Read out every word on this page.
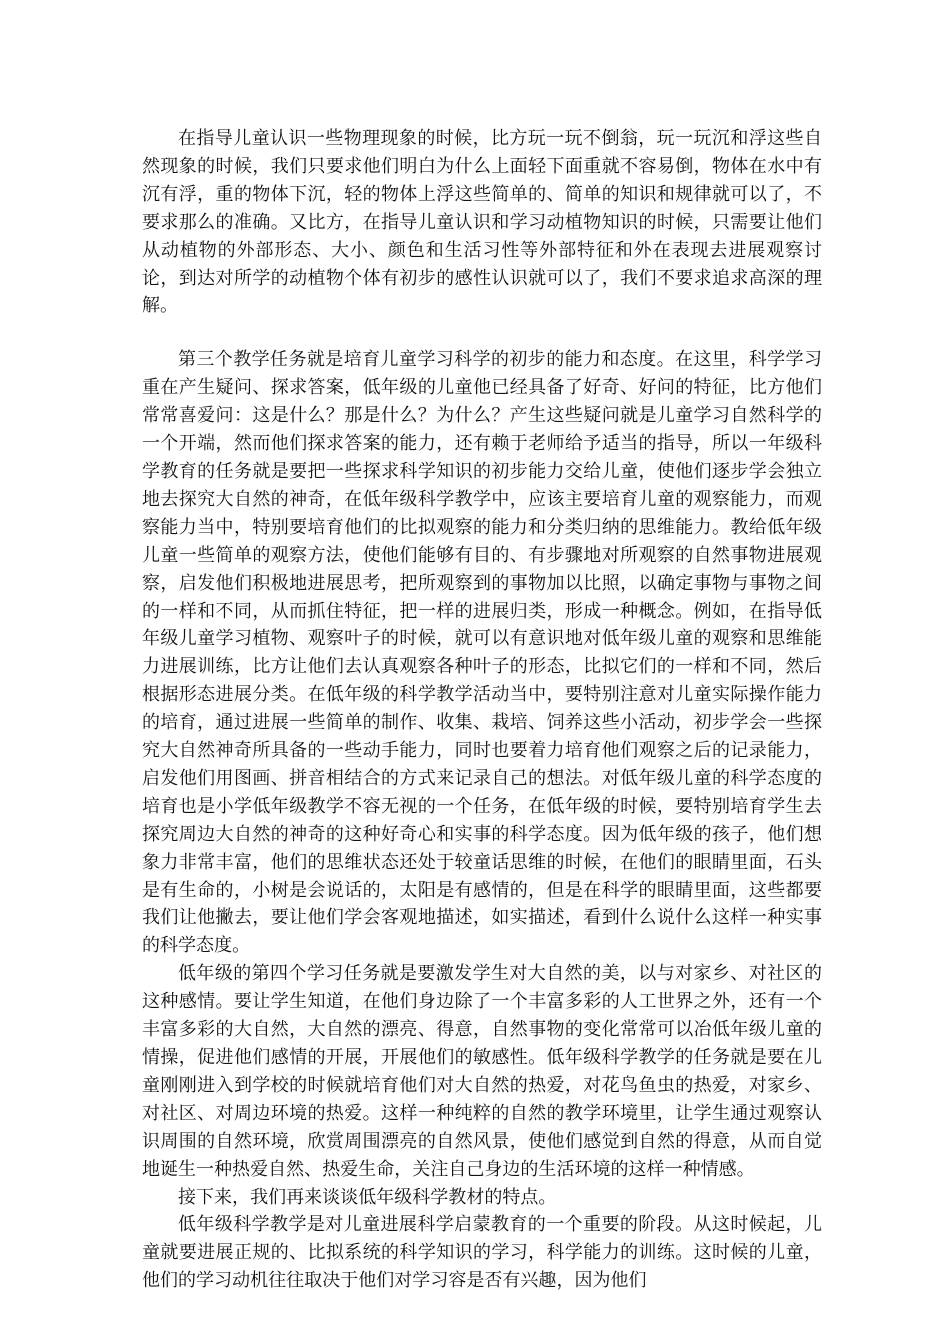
在指导儿童认识一些物理现象的时候，比方玩一玩不倒翁，玩一玩沉和浮这些自然现象的时候，我们只要求他们明白为什么上面轻下面重就不容易倒，物体在水中有沉有浮，重的物体下沉，轻的物体上浮这些简单的、简单的知识和规律就可以了，不要求那么的准确。又比方，在指导儿童认识和学习动植物知识的时候，只需要让他们从动植物的外部形态、大小、颜色和生活习性等外部特征和外在表现去进展观察讨论，到达对所学的动植物个体有初步的感性认识就可以了，我们不要求追求高深的理解。

第三个教学任务就是培育儿童学习科学的初步的能力和态度。在这里，科学学习重在产生疑问、探求答案，低年级的儿童他已经具备了好奇、好问的特征，比方他们常常喜爱问：这是什么？那是什么？为什么？产生这些疑问就是儿童学习自然科学的一个开端，然而他们探求答案的能力，还有赖于老师给予适当的指导，所以一年级科学教育的任务就是要把一些探求科学知识的初步能力交给儿童，使他们逐步学会独立地去探究大自然的神奇，在低年级科学教学中，应该主要培育儿童的观察能力，而观察能力当中，特别要培育他们的比拟观察的能力和分类归纳的思维能力。教给低年级儿童一些简单的观察方法，使他们能够有目的、有步骤地对所观察的自然事物进展观察，启发他们积极地进展思考，把所观察到的事物加以比照，以确定事物与事物之间的一样和不同，从而抓住特征，把一样的进展归类，形成一种概念。例如，在指导低年级儿童学习植物、观察叶子的时候，就可以有意识地对低年级儿童的观察和思维能力进展训练，比方让他们去认真观察各种叶子的形态，比拟它们的一样和不同，然后根据形态进展分类。在低年级的科学教学活动当中，要特别注意对儿童实际操作能力的培育，通过进展一些简单的制作、收集、栽培、饲养这些小活动，初步学会一些探究大自然神奇所具备的一些动手能力，同时也要着力培育他们观察之后的记录能力，启发他们用图画、拼音相结合的方式来记录自己的想法。对低年级儿童的科学态度的培育也是小学低年级教学不容无视的一个任务，在低年级的时候，要特别培育学生去探究周边大自然的神奇的这种好奇心和实事的科学态度。因为低年级的孩子，他们想象力非常丰富，他们的思维状态还处于较童话思维的时候，在他们的眼睛里面，石头是有生命的，小树是会说话的，太阳是有感情的，但是在科学的眼睛里面，这些都要我们让他撇去，要让他们学会客观地描述，如实描述，看到什么说什么这样一种实事的科学态度。

低年级的第四个学习任务就是要激发学生对大自然的美，以与对家乡、对社区的这种感情。要让学生知道，在他们身边除了一个丰富多彩的人工世界之外，还有一个丰富多彩的大自然，大自然的漂亮、得意，自然事物的变化常常可以冶低年级儿童的情操，促进他们感情的开展，开展他们的敏感性。低年级科学教学的任务就是要在儿童刚刚进入到学校的时候就培育他们对大自然的热爱，对花鸟鱼虫的热爱，对家乡、对社区、对周边环境的热爱。这样一种纯粹的自然的教学环境里，让学生通过观察认识周围的自然环境，欣赏周围漂亮的自然风景，使他们感觉到自然的得意，从而自觉地诞生一种热爱自然、热爱生命，关注自己身边的生活环境的这样一种情感。

接下来，我们再来谈谈低年级科学教材的特点。

低年级科学教学是对儿童进展科学启蒙教育的一个重要的阶段。从这时候起，儿童就要进展正规的、比拟系统的科学知识的学习，科学能力的训练。这时候的儿童，他们的学习动机往往取决于他们对学习容是否有兴趣，因为他们
